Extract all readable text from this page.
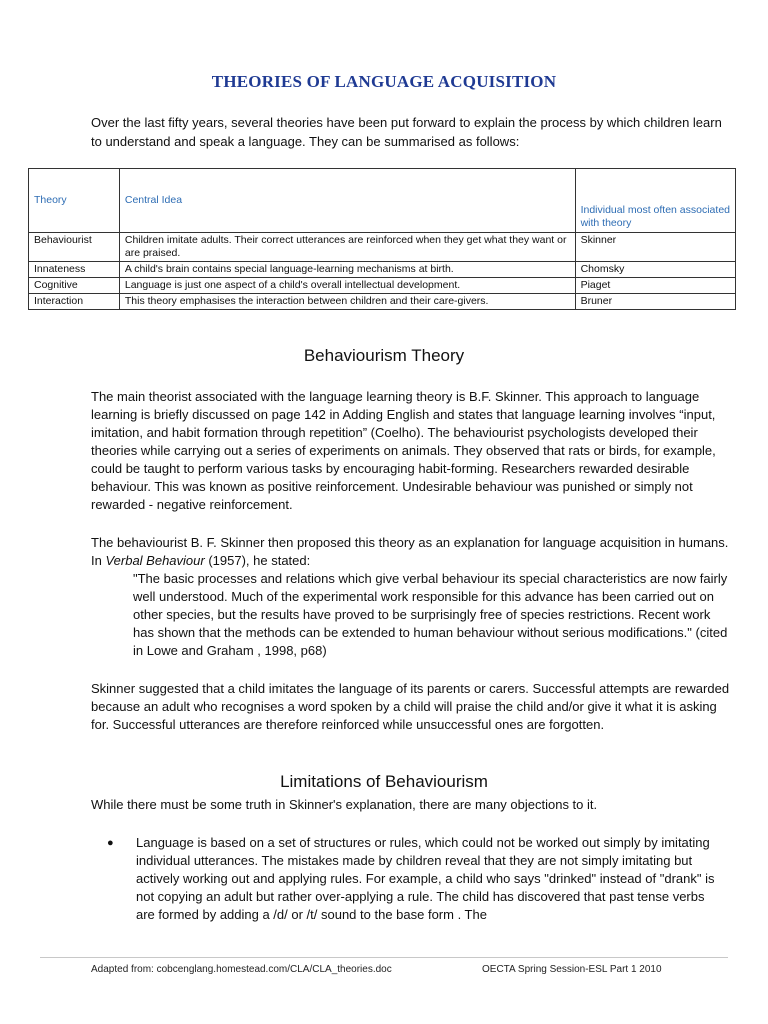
THEORIES OF LANGUAGE ACQUISITION
Over the last fifty years, several theories have been put forward to explain the process by which children learn to understand and speak a language. They can be summarised as follows:
Theory	Central Idea	Individual most often associated with theory
Behaviourist	Children imitate adults. Their correct utterances are reinforced when they get what they want or are praised.	Skinner
Innateness	A child's brain contains special language-learning mechanisms at birth.	Chomsky
Cognitive	Language is just one aspect of a child's overall intellectual development.	Piaget
Interaction	This theory emphasises the interaction between children and their care-givers.	Bruner
Behaviourism Theory
The main theorist associated with the language learning theory is B.F. Skinner. This approach to language learning is briefly discussed on page 142 in Adding English and states that language learning involves “input, imitation, and habit formation through repetition” (Coelho). The behaviourist psychologists developed their theories while carrying out a series of experiments on animals. They observed that rats or birds, for example, could be taught to perform various tasks by encouraging habit-forming. Researchers rewarded desirable behaviour. This was known as positive reinforcement. Undesirable behaviour was punished or simply not rewarded - negative reinforcement.
The behaviourist B. F. Skinner then proposed this theory as an explanation for language acquisition in humans. In Verbal Behaviour (1957), he stated:
"The basic processes and relations which give verbal behaviour its special characteristics are now fairly well understood. Much of the experimental work responsible for this advance has been carried out on other species, but the results have proved to be surprisingly free of species restrictions. Recent work has shown that the methods can be extended to human behaviour without serious modifications." (cited in Lowe and Graham , 1998, p68)
Skinner suggested that a child imitates the language of its parents or carers. Successful attempts are rewarded because an adult who recognises a word spoken by a child will praise the child and/or give it what it is asking for. Successful utterances are therefore reinforced while unsuccessful ones are forgotten.
Limitations of Behaviourism
While there must be some truth in Skinner's explanation, there are many objections to it.
●	Language is based on a set of structures or rules, which could not be worked out simply by imitating individual utterances. The mistakes made by children reveal that they are not simply imitating but actively working out and applying rules. For example, a child who says "drinked" instead of "drank" is not copying an adult but rather over-applying a rule. The child has discovered that past tense verbs are formed by adding a /d/ or /t/ sound to the base form . The
Adapted from: cobcenglang.homestead.com/CLA/CLA_theories.doc	OECTA Spring Session-ESL Part 1 2010
